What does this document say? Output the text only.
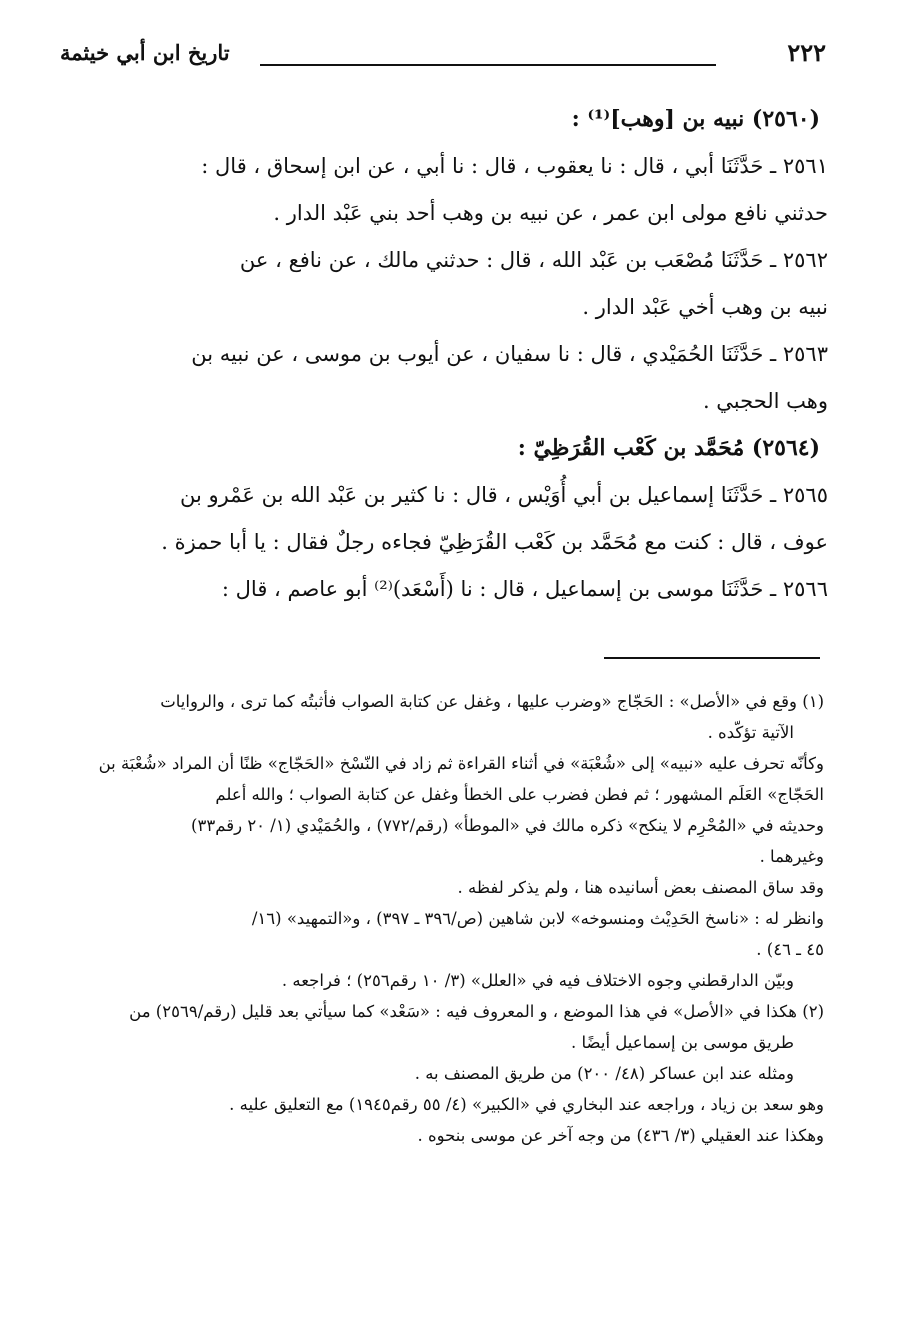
٢٢٢
تاريخ ابن أبي خيثمة
(٢٥٦٠) نبيه بن [وهب]⁽¹⁾ :
٢٥٦١ ـ حَدَّثَنَا أبي ، قال : نا يعقوب ، قال : نا أبي ، عن ابن إسحاق ، قال :
حدثني نافع مولى ابن عمر ، عن نبيه بن وهب أحد بني عَبْد الدار .
٢٥٦٢ ـ حَدَّثَنَا مُصْعَب بن عَبْد الله ، قال : حدثني مالك ، عن نافع ، عن
نبيه بن وهب أخي عَبْد الدار .
٢٥٦٣ ـ حَدَّثَنَا الحُمَيْدي ، قال : نا سفيان ، عن أيوب بن موسى ، عن نبيه بن
وهب الحجبي .
(٢٥٦٤) مُحَمَّد بن كَعْب القُرَظِيّ :
٢٥٦٥ ـ حَدَّثَنَا إسماعيل بن أبي أُوَيْس ، قال : نا كثير بن عَبْد الله بن عَمْرو بن
عوف ، قال : كنت مع مُحَمَّد بن كَعْب القُرَظِيّ فجاءه رجلٌ فقال : يا أبا حمزة .
٢٥٦٦ ـ حَدَّثَنَا موسى بن إسماعيل ، قال : نا (أَسْعَد)⁽²⁾ أبو عاصم ، قال :
(١) وقع في «الأصل» : الحَجّاج «وضرب عليها ، وغفل عن كتابة الصواب فأثبتُه كما ترى ، والروايات
الآتية تؤكّده .
وكأنّه تحرف عليه «نبيه» إلى «شُعْبَة» في أثناء القراءة ثم زاد في النّسْخ «الحَجّاج» ظنًا أن المراد «شُعْبَة بن
الحَجّاج» العَلَم المشهور ؛ ثم فطن فضرب على الخطأ وغفل عن كتابة الصواب ؛ والله أعلم
وحديثه في «المُحْرِم لا ينكح» ذكره مالك في «الموطأ» (رقم/٧٧٢) ، والحُمَيْدي (١/ ٢٠ رقم٣٣)
وغيرهما .
وقد ساق المصنف بعض أسانيده هنا ، ولم يذكر لفظه .
وانظر له : «ناسخ الحَدِيْث ومنسوخه» لابن شاهين (ص/٣٩٦ ـ ٣٩٧) ، و«التمهيد» (١٦/
٤٥ ـ ٤٦) .
وبيّن الدارقطني وجوه الاختلاف فيه في «العلل» (٣/ ١٠ رقم٢٥٦) ؛ فراجعه .
(٢) هكذا في «الأصل» في هذا الموضع ، و المعروف فيه : «سَعْد» كما سيأتي بعد قليل (رقم/٢٥٦٩) من
طريق موسى بن إسماعيل أيضًا .
ومثله عند ابن عساكر (٤٨/ ٢٠٠) من طريق المصنف به .
وهو سعد بن زياد ، وراجعه عند البخاري في «الكبير» (٤/ ٥٥ رقم١٩٤٥) مع التعليق عليه .
وهكذا عند العقيلي (٣/ ٤٣٦) من وجه آخر عن موسى بنحوه .
